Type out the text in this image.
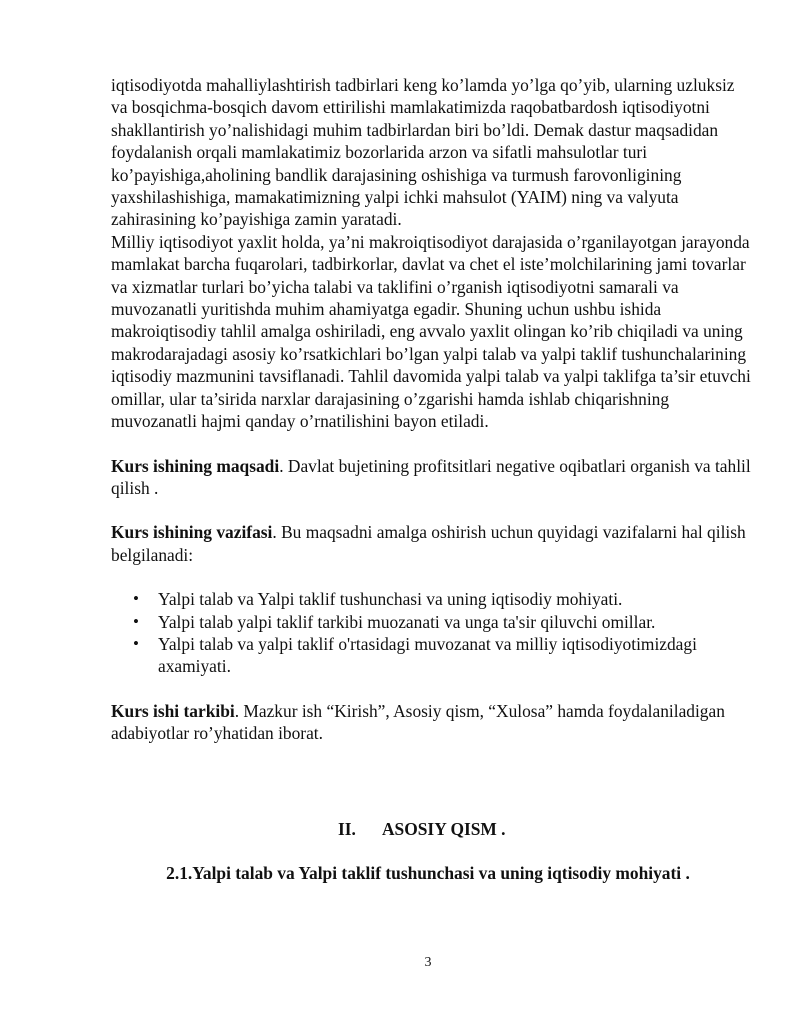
iqtisodiyotda mahalliylashtirish tadbirlari keng ko’lamda yo’lga qo’yib, ularning uzluksiz va bosqichma-bosqich davom ettirilishi mamlakatimizda raqobatbardosh iqtisodiyotni shakllantirish yo’nalishidagi muhim tadbirlardan biri bo’ldi. Demak dastur maqsadidan foydalanish orqali mamlakatimiz bozorlarida arzon va sifatli mahsulotlar turi ko’payishiga,aholining bandlik darajasining oshishiga va turmush farovonligining yaxshilashishiga, mamakatimizning yalpi ichki mahsulot (YAIM) ning va valyuta zahirasining ko’payishiga zamin yaratadi.

Milliy iqtisodiyot yaxlit holda, ya’ni makroiqtisodiyot darajasida o’rganilayotgan jarayonda mamlakat barcha fuqarolari, tadbirkorlar, davlat va chet el iste’molchilarining jami tovarlar va xizmatlar turlari bo’yicha talabi va taklifini o’rganish iqtisodiyotni samarali va muvozanatli yuritishda muhim ahamiyatga egadir. Shuning uchun ushbu ishida makroiqtisodiy tahlil amalga oshiriladi, eng avvalo yaxlit olingan ko’rib chiqiladi va uning makrodarajadagi asosiy ko’rsatkichlari bo’lgan yalpi talab va yalpi taklif tushunchalarining iqtisodiy mazmunini tavsiflanadi. Tahlil davomida yalpi talab va yalpi taklifga ta’sir etuvchi omillar, ular ta’sirida narxlar darajasining o’zgarishi hamda ishlab chiqarishning muvozanatli hajmi qanday o’rnatilishini bayon etiladi.

Kurs ishining maqsadi. Davlat bujetining profitsitlari negative oqibatlari organish va tahlil qilish .

Kurs ishining vazifasi. Bu maqsadni amalga oshirish uchun quyidagi vazifalarni hal qilish belgilanadi:

• Yalpi talab va Yalpi taklif tushunchasi va uning iqtisodiy mohiyati.
• Yalpi talab yalpi taklif tarkibi muozanati va unga ta'sir qiluvchi omillar.
• Yalpi talab va yalpi taklif o'rtasidagi muvozanat va milliy iqtisodiyotimizdagi axamiyati.

Kurs ishi tarkibi. Mazkur ish “Kirish”, Asosiy qism, “Xulosa” hamda foydalaniladigan adabiyotlar ro’yhatidan iborat.

II. ASOSIY QISM .
2.1.Yalpi talab va Yalpi taklif tushunchasi va uning iqtisodiy mohiyati .
3
